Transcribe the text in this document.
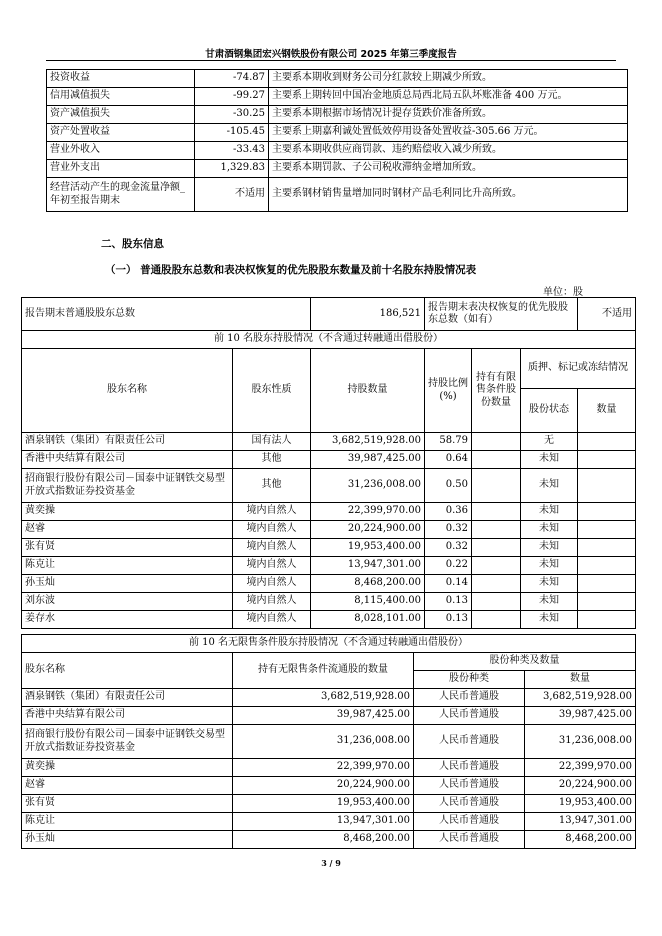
甘肃酒钢集团宏兴钢铁股份有限公司 2025 年第三季度报告
投资收益	-74.87	主要系本期收到财务公司分红款较上期减少所致。
信用减值损失	-99.27	主要系上期转回中国冶金地质总局西北局五队坏账准备 400 万元。
资产减值损失	-30.25	主要系本期根据市场情况计提存货跌价准备所致。
资产处置收益	-105.45	主要系上期嘉利诚处置低效停用设备处置收益-305.66 万元。
营业外收入	-33.43	主要系本期收供应商罚款、违约赔偿收入减少所致。
营业外支出	1,329.83	主要系本期罚款、子公司税收滞纳金增加所致。
经营活动产生的现金流量净额_年初至报告期末	不适用	主要系钢材销售量增加同时钢材产品毛利同比升高所致。
二、股东信息
（一） 普通股股东总数和表决权恢复的优先股股东数量及前十名股东持股情况表
单位：股
报告期末普通股股东总数		186,521	报告期末表决权恢复的优先股股东总数（如有）			不适用
前 10 名股东持股情况（不含通过转融通出借股份）						
股东名称	股东性质	持股数量	持股比例(%)	持有有限售条件股份数量	质押、标记或冻结情况	
					股份状态	数量
酒泉钢铁（集团）有限责任公司	国有法人	3,682,519,928.00	58.79		无	
香港中央结算有限公司	其他	39,987,425.00	0.64		未知	
招商银行股份有限公司－国泰中证钢铁交易型开放式指数证券投资基金	其他	31,236,008.00	0.50		未知	
黄奕操	境内自然人	22,399,970.00	0.36		未知	
赵睿	境内自然人	20,224,900.00	0.32		未知	
张有贤	境内自然人	19,953,400.00	0.32		未知	
陈克让	境内自然人	13,947,301.00	0.22		未知	
孙玉灿	境内自然人	8,468,200.00	0.14		未知	
刘东波	境内自然人	8,115,400.00	0.13		未知	
姜存水	境内自然人	8,028,101.00	0.13		未知	
前 10 名无限售条件股东持股情况（不含通过转融通出借股份）			
股东名称	持有无限售条件流通股的数量	股份种类及数量	
		股份种类	数量
酒泉钢铁（集团）有限责任公司	3,682,519,928.00	人民币普通股	3,682,519,928.00
香港中央结算有限公司	39,987,425.00	人民币普通股	39,987,425.00
招商银行股份有限公司－国泰中证钢铁交易型开放式指数证券投资基金	31,236,008.00	人民币普通股	31,236,008.00
黄奕操	22,399,970.00	人民币普通股	22,399,970.00
赵睿	20,224,900.00	人民币普通股	20,224,900.00
张有贤	19,953,400.00	人民币普通股	19,953,400.00
陈克让	13,947,301.00	人民币普通股	13,947,301.00
孙玉灿	8,468,200.00	人民币普通股	8,468,200.00
3 / 9
